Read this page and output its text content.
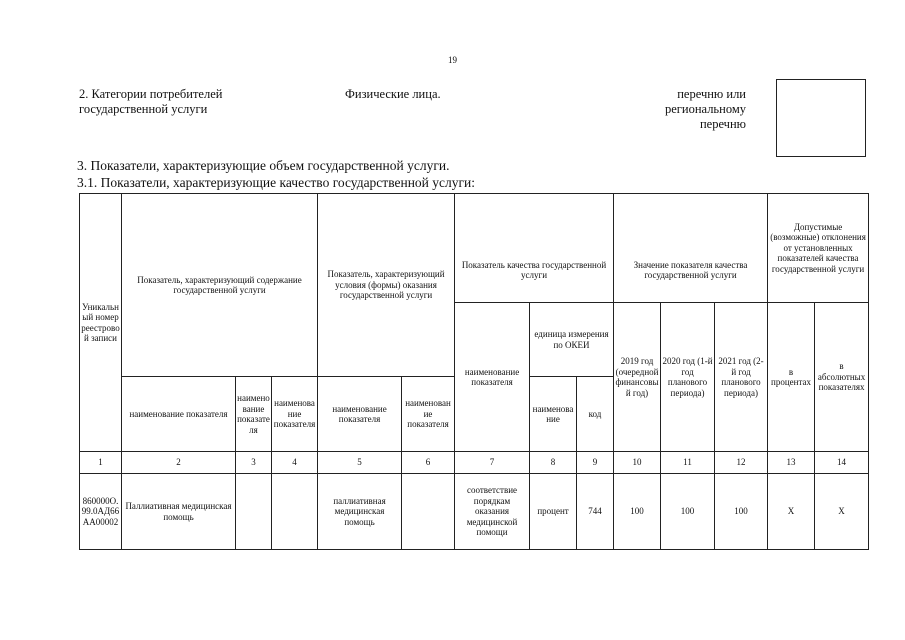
19
2. Категории потребителей
государственной услуги
Физические лица.	перечню или
региональному
перечню
3. Показатели, характеризующие объем государственной услуги.
3.1. Показатели, характеризующие качество государственной услуги:
Уникальный номер реестровой записи	Показатель, характеризующий содержание государственной услуги			Показатель, характеризующий условия (формы) оказания государственной услуги		Показатель качества государственной услуги			Значение показателя качества государственной услуги			Допустимые (возможные) отклонения от установленных показателей качества государственной услуги	
						наименование показателя	единица измерения по ОКЕИ		2019 год (очередной финансовый год)	2020 год (1-й год планового периода)	2021 год (2-й год планового периода)	в процентах	в абсолютных показателях
	наименование показателя	наименование показателя	наименование показателя	наименование показателя	наименование показателя		наименование	код					
1	2	3	4	5	6	7	8	9	10	11	12	13	14
860000О.99.0АД66АА00002	Паллиативная медицинская помощь			паллиативная медицинская помощь		соответствие порядкам оказания медицинской помощи	процент	744	100	100	100	Х	Х
